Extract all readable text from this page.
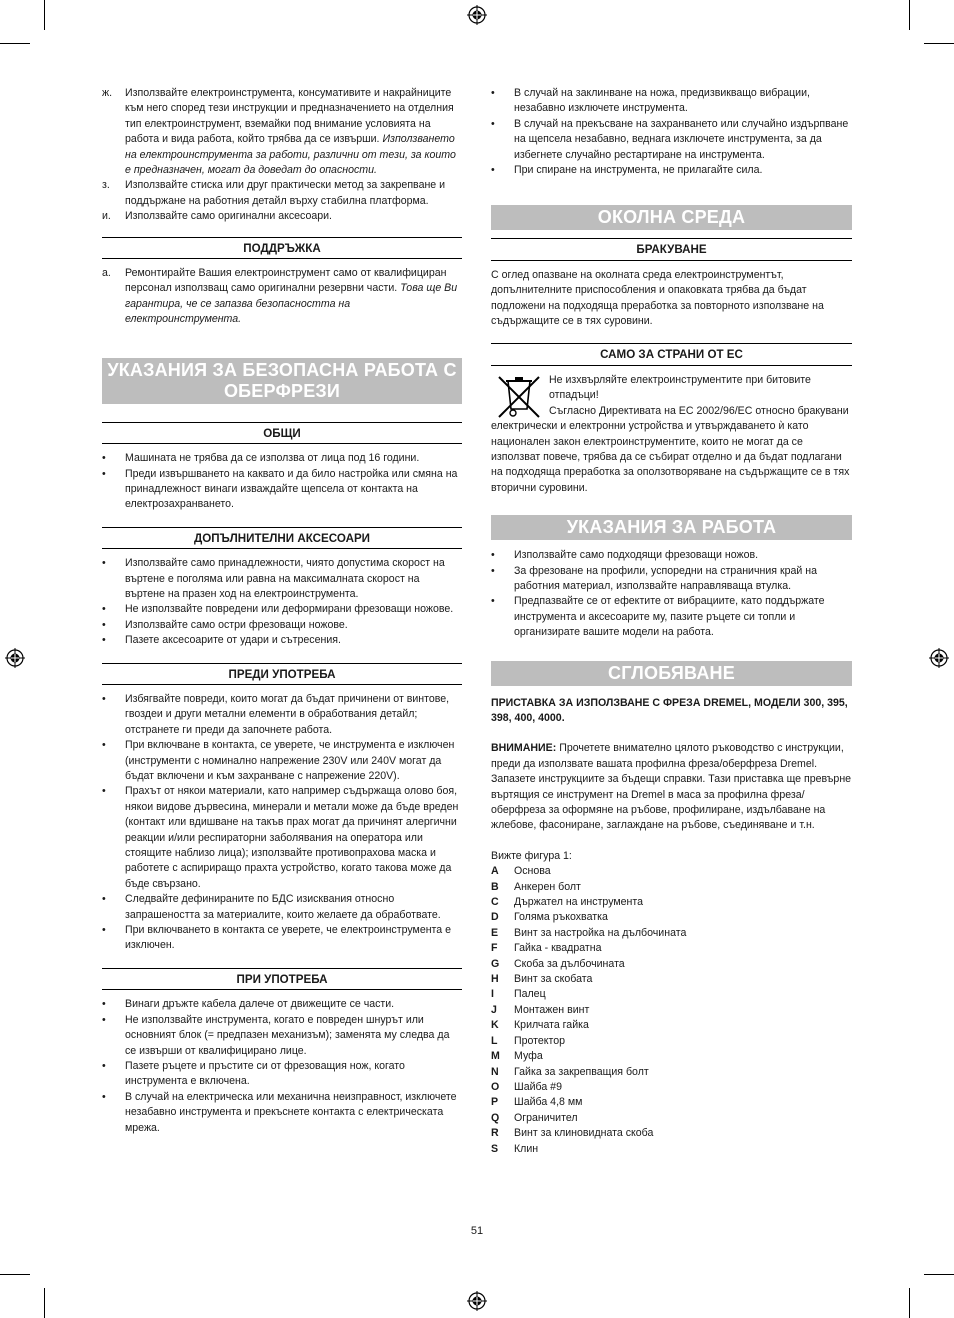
ж. Използвайте електроинструмента, консумативите и накрайниците към него според тези инструкции и предназначението на отделния тип електроинструмент, вземайки под внимание условията на работа и вида работа, който трябва да се извърши. Използването на електроинструмента за работи, различни от тези, за които е предназначен, могат да доведат до опасности.
з. Използвайте стиска или друг практически метод за закрепване и поддържане на работния детайл върху стабилна платформа.
и. Използвайте само оригинални аксесоари.
ПОДДРЪЖКА
а. Ремонтирайте Вашия електроинструмент само от квалифициран персонал използващ само оригинални резервни части. Това ще Ви гарантира, че се запазва безопасността на електроинструмента.
УКАЗАНИЯ ЗА БЕЗОПАСНА РАБОТА С ОБЕРФРЕЗИ
ОБЩИ
• Машината не трябва да се използва от лица под 16 години.
• Преди извършването на каквато и да било настройка или смяна на принадлежност винаги изваждайте щепсела от контакта на електрозахранването.
ДОПЪЛНИТЕЛНИ АКСЕСОАРИ
• Използвайте само принадлежности, чиято допустима скорост на въртене е поголяма или равна на максималната скорост на въртене на празен ход на електроинструмента.
• Не използвайте повредени или деформирани фрезоващи ножове.
• Използвайте само остри фрезоващи ножове.
• Пазете аксесоарите от удари и сътресения.
ПРЕДИ УПОТРЕБА
• Избягвайте повреди, които могат да бъдат причинени от винтове, гвоздеи и други метални елементи в обработвания детайл; отстранете ги преди да започнете работа.
• При включване в контакта, се уверете, че инструмента е изключен (инструменти с номинално напрежение 230V или 240V могат да бъдат включени и към захранване с напрежение 220V).
• Прахът от някои материали, като например съдържаща олово боя, някои видове дървесина, минерали и метали може да бъде вреден (контакт или вдишване на такъв прах могат да причинят алергични реакции и/или респираторни заболявания на оператора или стоящите наблизо лица); използвайте противопрахова маска и работете с аспириращо прахта устройство, когато такова може да бъде свързано.
• Следвайте дефинираните по БДС изисквания относно запрашеността за материалите, които желаете да обработвате.
• При включването в контакта се уверете, че електроинструмента е изключен.
ПРИ УПОТРЕБА
• Винаги дръжте кабела далече от движещите се части.
• Не използвайте инструмента, когато е повреден шнурът или основният блок (= предпазен механизъм); заменята му следва да се извърши от квалифицирано лице.
• Пазете ръцете и пръстите си от фрезоващия нож, когато инструмента е включена.
• В случай на електрическа или механична неизправност, изключете незабавно инструмента и прекъснете контакта с електрическата мрежа.
• В случай на заклинване на ножа, предизвикващо вибрации, незабавно изключете инструмента.
• В случай на прекъсване на захранването или случайно издърпване на щепсела незабавно, веднага изключете инструмента, за да избегнете случайно рестартиране на инструмента.
• При спиране на инструмента, не прилагайте сила.
ОКОЛНА СРЕДА
БРАКУВАНЕ
С оглед опазване на околната среда електроинструментът, допълнителните приспособления и опаковката трябва да бъдат подложени на подходяща преработка за повторното използване на съдържащите се в тях суровини.
САМО ЗА СТРАНИ ОТ ЕС
Не изхвърляйте електроинструментите при битовите отпадъци!
Съгласно Директивата на ЕС 2002/96/ЕС относно бракувани електрически и електронни устройства и утвърждаването ѝ като национален закон електроинструментите, които не могат да се използват повече, трябва да се събират отделно и да бъдат подлагани на подходяща преработка за оползотворяване на съдържащите се в тях вторични суровини.
УКАЗАНИЯ ЗА РАБОТА
• Използвайте само подходящи фрезоващи ножов.
• За фрезоване на профили, успоредни на страничния край на работния материал, използвайте направляваща втулка.
• Предпазвайте се от ефектите от вибрациите, като поддържате инструмента и аксесоарите му, пазите ръцете си топли и организирате вашите модели на работа.
СГЛОБЯВАНЕ
ПРИСТАВКА ЗА ИЗПОЛЗВАНЕ С ФРЕЗА DREMEL, МОДЕЛИ 300, 395, 398, 400, 4000.
ВНИМАНИЕ: Прочетете внимателно цялото ръководство с инструкции, преди да използвате вашата профилна фреза/оберфреза Dremel. Запазете инструкциите за бъдещи справки. Тази приставка ще превърне въртящия се инструмент на Dremel в маса за профилна фреза/оберфреза за оформяне на ръбове, профилиране, издълбаване на жлебове, фасониране, заглаждане на ръбове, съединяване и т.н.
Вижте фигура 1:
A	Основа
B	Анкерен болт
C	Държател на инструмента
D	Голяма ръкохватка
E	Винт за настройка на дълбочината
F	Гайка - квадратна
G	Скоба за дълбочината
H	Винт за скобата
I	Палец
J	Монтажен винт
K	Крилчата гайка
L	Протектор
M	Муфа
N	Гайка за закрепващия болт
O	Шайба #9
P	Шайба 4,8 мм
Q	Ограничител
R	Винт за клиновидната скоба
S	Клин
51
